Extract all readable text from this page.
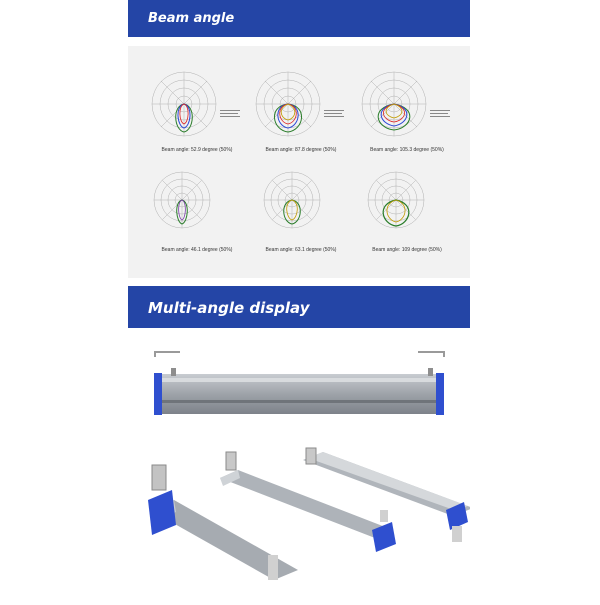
Beam angle
Beam angle: 52.9 degree (50%)	Beam angle: 87.8 degree (50%)	Beam angle: 105.3 degree (50%)
Beam angle: 46.1 degree (50%)	Beam angle: 63.1 degree (50%)	Beam angle: 109 degree (50%)
Multi-angle display
